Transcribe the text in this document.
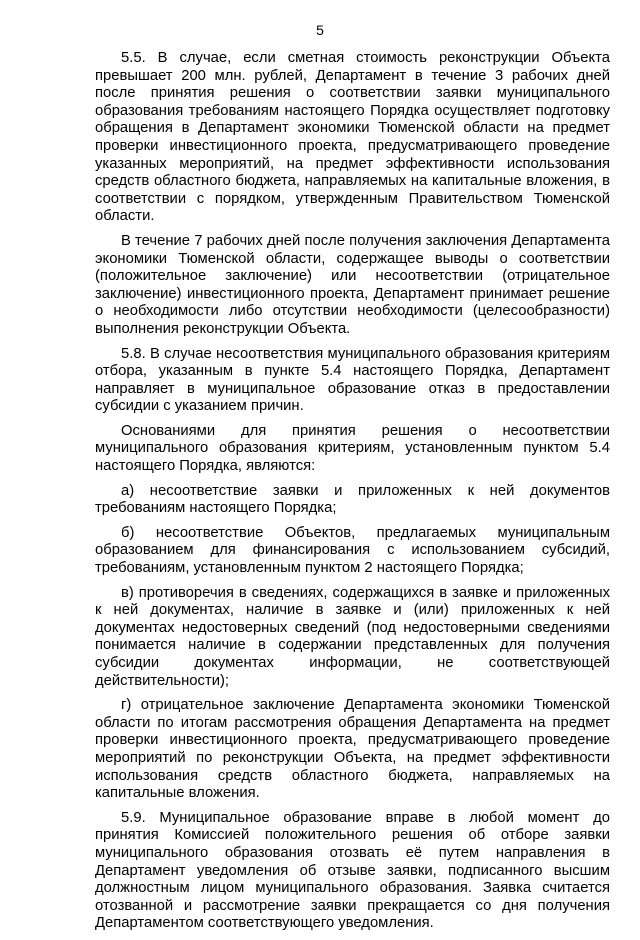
5

5.5. В случае, если сметная стоимость реконструкции Объекта превышает 200 млн. рублей, Департамент в течение 3 рабочих дней после принятия решения о соответствии заявки муниципального образования требованиям настоящего Порядка осуществляет подготовку обращения в Департамент экономики Тюменской области на предмет проверки инвестиционного проекта, предусматривающего проведение указанных мероприятий, на предмет эффективности использования средств областного бюджета, направляемых на капитальные вложения, в соответствии с порядком, утвержденным Правительством Тюменской области.

В течение 7 рабочих дней после получения заключения Департамента экономики Тюменской области, содержащее выводы о соответствии (положительное заключение) или несоответствии (отрицательное заключение) инвестиционного проекта, Департамент принимает решение о необходимости либо отсутствии необходимости (целесообразности) выполнения реконструкции Объекта.

5.8. В случае несоответствия муниципального образования критериям отбора, указанным в пункте 5.4 настоящего Порядка, Департамент направляет в муниципальное образование отказ в предоставлении субсидии с указанием причин.

Основаниями для принятия решения о несоответствии муниципального образования критериям, установленным пунктом 5.4 настоящего Порядка, являются:

а) несоответствие заявки и приложенных к ней документов требованиям настоящего Порядка;

б) несоответствие Объектов, предлагаемых муниципальным образованием для финансирования с использованием субсидий, требованиям, установленным пунктом 2 настоящего Порядка;

в) противоречия в сведениях, содержащихся в заявке и приложенных к ней документах, наличие в заявке и (или) приложенных к ней документах недостоверных сведений (под недостоверными сведениями понимается наличие в содержании представленных для получения субсидии документах информации, не соответствующей действительности);

г) отрицательное заключение Департамента экономики Тюменской области по итогам рассмотрения обращения Департамента на предмет проверки инвестиционного проекта, предусматривающего проведение мероприятий по реконструкции Объекта, на предмет эффективности использования средств областного бюджета, направляемых на капитальные вложения.

5.9. Муниципальное образование вправе в любой момент до принятия Комиссией положительного решения об отборе заявки муниципального образования отозвать её путем направления в Департамент уведомления об отзыве заявки, подписанного высшим должностным лицом муниципального образования. Заявка считается отозванной и рассмотрение заявки прекращается со дня получения Департаментом соответствующего уведомления.
